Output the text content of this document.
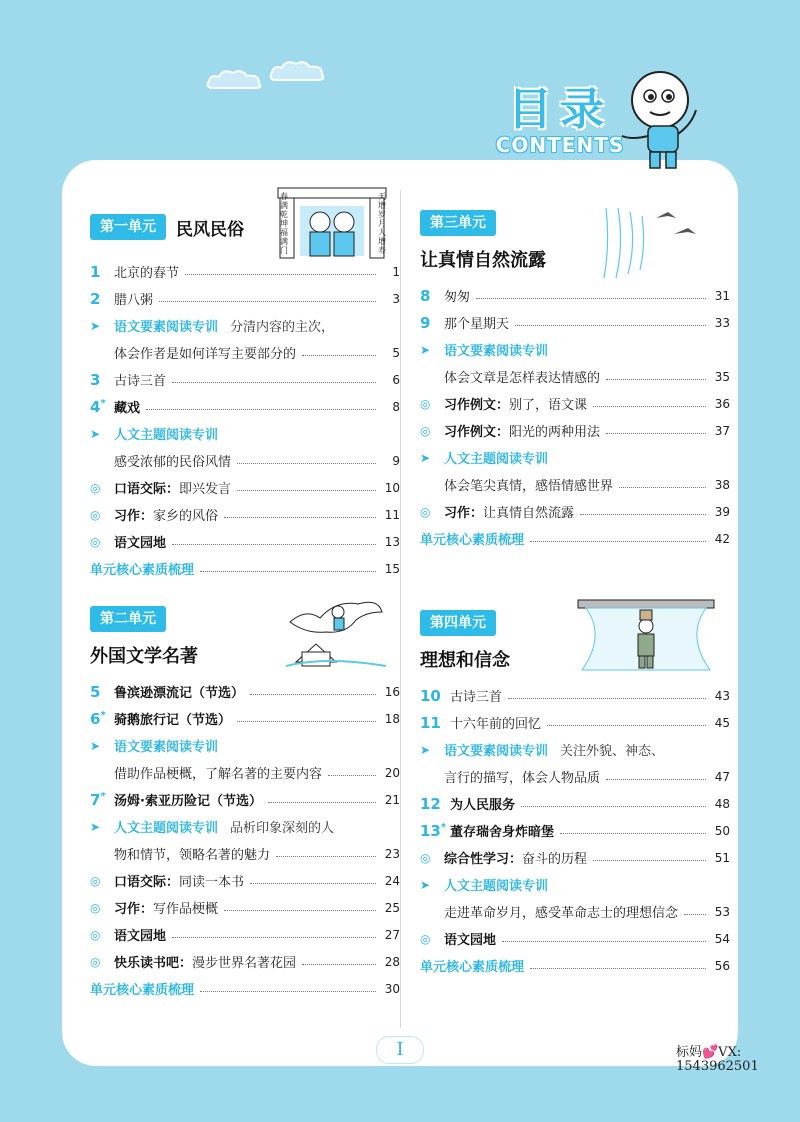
目录
CONTENTS
第一单元	民风民俗
春满乾坤福满门
天增岁月人增寿
1	北京的春节	1
2	腊八粥	3
➤	语文要素阅读专训 分清内容的主次，
体会作者是如何详写主要部分的	5
3	古诗三首	6
4* 藏戏	8
➤	人文主题阅读专训
感受浓郁的民俗风情	9
◎	口语交际：即兴发言	10
◎	习作：家乡的风俗	11
◎	语文园地	13
单元核心素质梳理	15
第二单元
外国文学名著
5	鲁滨逊漂流记（节选）	16
6* 骑鹅旅行记（节选）	18
➤	语文要素阅读专训
借助作品梗概，了解名著的主要内容	20
7* 汤姆·索亚历险记（节选）	21
➤	人文主题阅读专训 品析印象深刻的人
物和情节，领略名著的魅力	23
◎	口语交际：同读一本书	24
◎	习作：写作品梗概	25
◎	语文园地	27
◎	快乐读书吧：漫步世界名著花园	28
单元核心素质梳理	30
第三单元
让真情自然流露
8	匆匆	31
9	那个星期天	33
➤	语文要素阅读专训
体会文章是怎样表达情感的	35
◎	习作例文：别了，语文课	36
◎	习作例文：阳光的两种用法	37
➤	人文主题阅读专训
体会笔尖真情，感悟情感世界	38
◎	习作：让真情自然流露	39
单元核心素质梳理	42
第四单元
理想和信念
10 古诗三首	43
11 十六年前的回忆	45
➤	语文要素阅读专训 关注外貌、神态、
言行的描写，体会人物品质	47
12 为人民服务	48
13* 董存瑞舍身炸暗堡	50
◎	综合性学习：奋斗的历程	51
➤	人文主题阅读专训
走进革命岁月，感受革命志士的理想信念	53
◎	语文园地	54
单元核心素质梳理	56
I	标妈💕VX:
1543962501
